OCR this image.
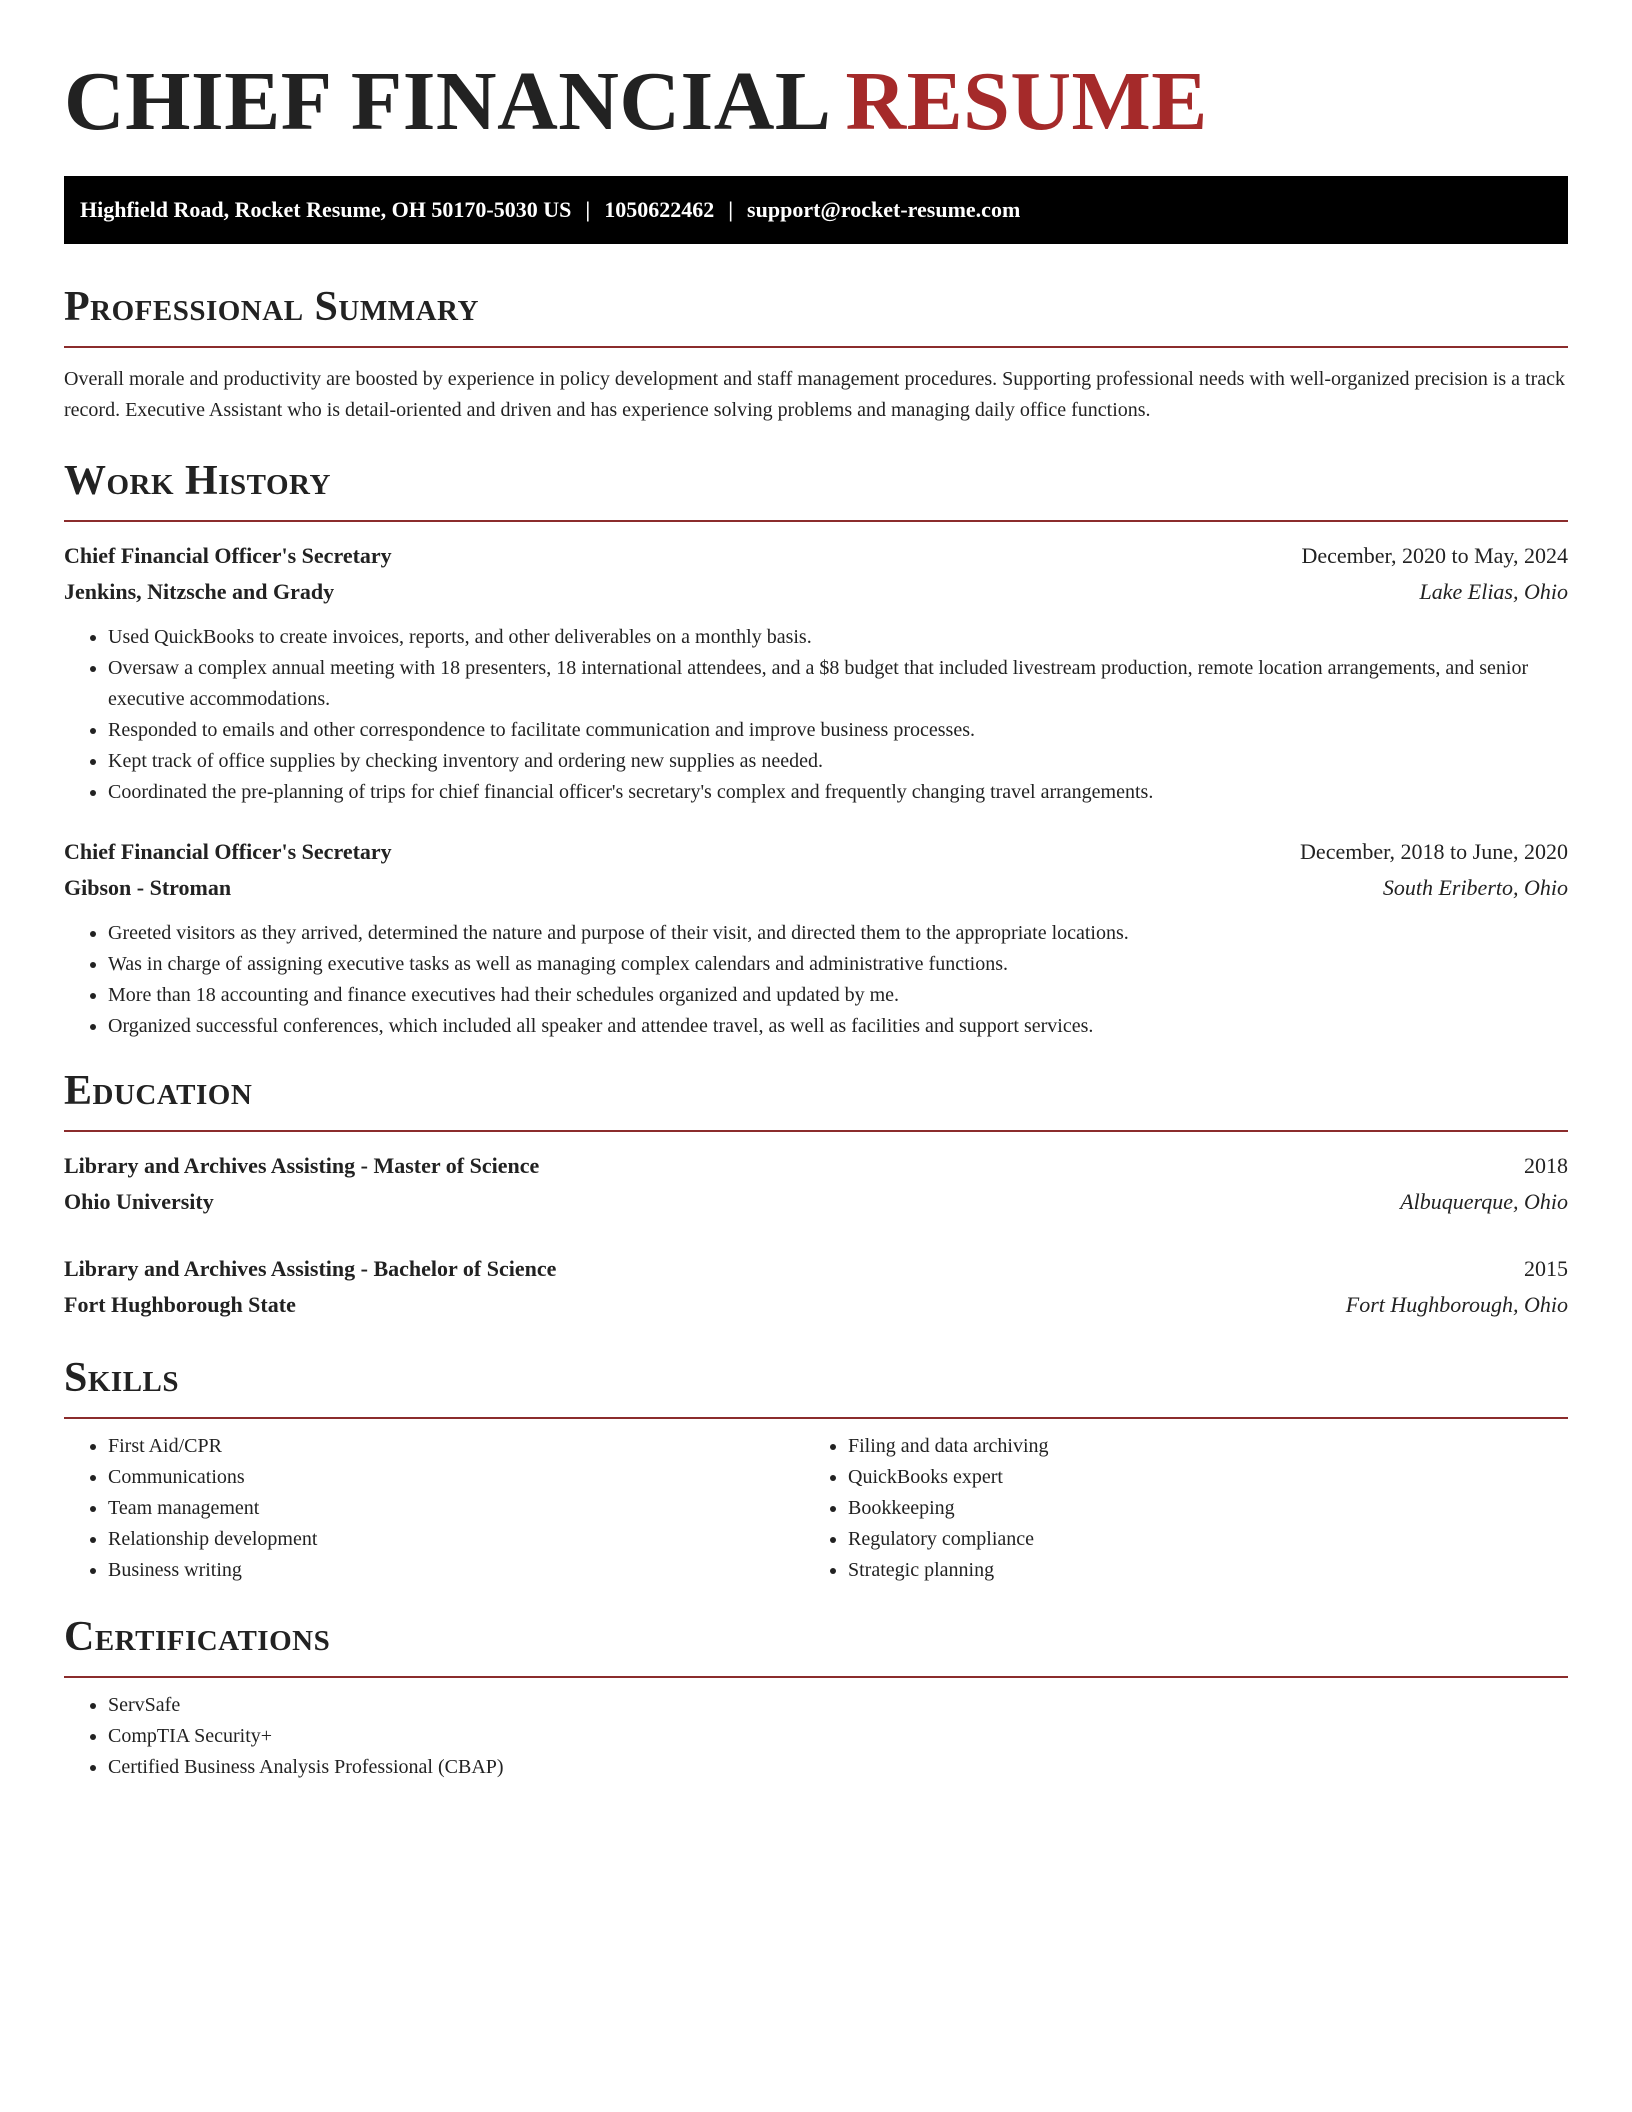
CHIEF FINANCIAL RESUME
Highfield Road, Rocket Resume, OH 50170-5030 US | 1050622462 | support@rocket-resume.com
Professional Summary

Overall morale and productivity are boosted by experience in policy development and staff management procedures. Supporting professional needs with well-organized precision is a track record. Executive Assistant who is detail-oriented and driven and has experience solving problems and managing daily office functions.

Work History
Chief Financial Officer's Secretary	December, 2020 to May, 2024
Jenkins, Nitzsche and Grady	Lake Elias, Ohio
• Used QuickBooks to create invoices, reports, and other deliverables on a monthly basis.
• Oversaw a complex annual meeting with 18 presenters, 18 international attendees, and a $8 budget that included livestream production, remote location arrangements, and senior executive accommodations.
• Responded to emails and other correspondence to facilitate communication and improve business processes.
• Kept track of office supplies by checking inventory and ordering new supplies as needed.
• Coordinated the pre-planning of trips for chief financial officer's secretary's complex and frequently changing travel arrangements.
Chief Financial Officer's Secretary	December, 2018 to June, 2020
Gibson - Stroman	South Eriberto, Ohio
• Greeted visitors as they arrived, determined the nature and purpose of their visit, and directed them to the appropriate locations.
• Was in charge of assigning executive tasks as well as managing complex calendars and administrative functions.
• More than 18 accounting and finance executives had their schedules organized and updated by me.
• Organized successful conferences, which included all speaker and attendee travel, as well as facilities and support services.
Education
Library and Archives Assisting - Master of Science	2018
Ohio University	Albuquerque, Ohio
Library and Archives Assisting - Bachelor of Science	2015
Fort Hughborough State	Fort Hughborough, Ohio
Skills
• First Aid/CPR
• Communications
• Team management
• Relationship development
• Business writing
• Filing and data archiving
• QuickBooks expert
• Bookkeeping
• Regulatory compliance
• Strategic planning
Certifications
• ServSafe
• CompTIA Security+
• Certified Business Analysis Professional (CBAP)
